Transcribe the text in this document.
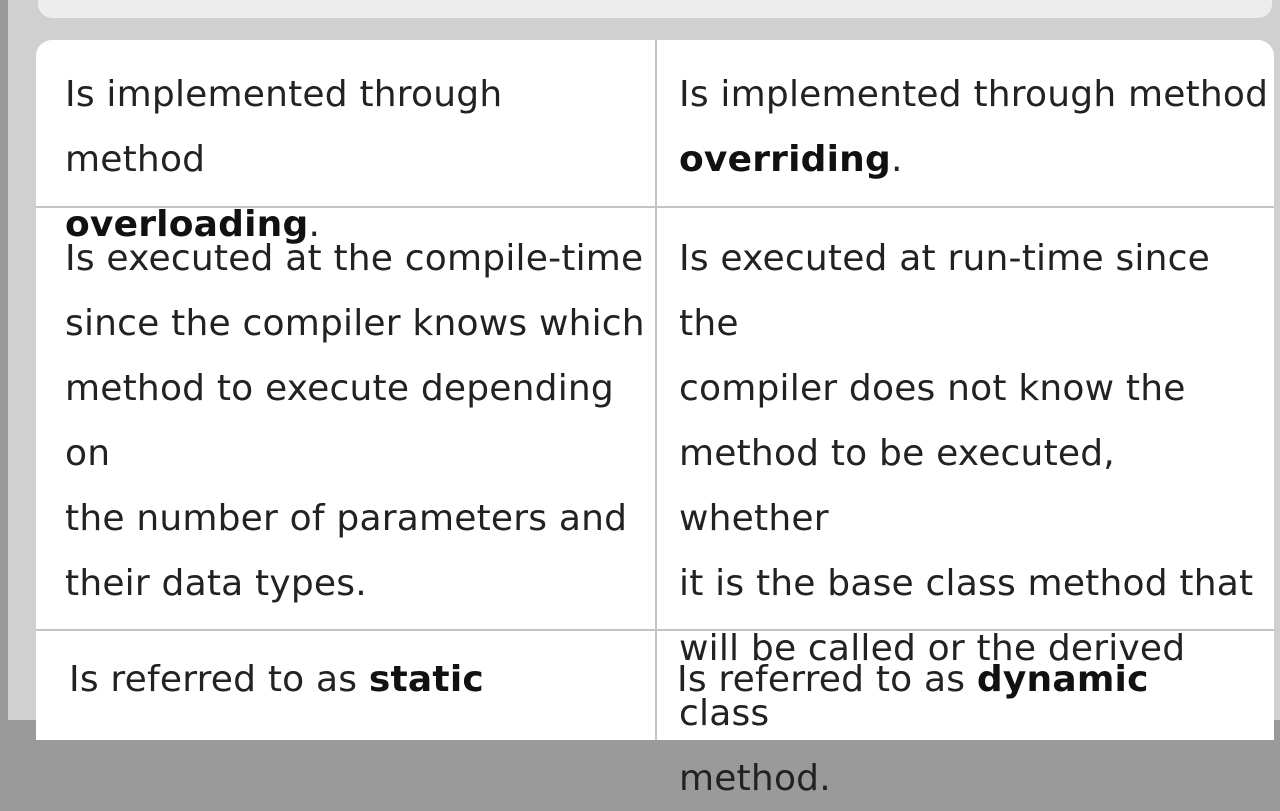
Is implemented through method
overloading.
Is implemented through method
overriding.
Is executed at the compile-time
since the compiler knows which
method to execute depending on
the number of parameters and
their data types.
Is executed at run-time since the
compiler does not know the
method to be executed, whether
it is the base class method that
will be called or the derived class
method.
Is referred to as static	Is referred to as dynamic
